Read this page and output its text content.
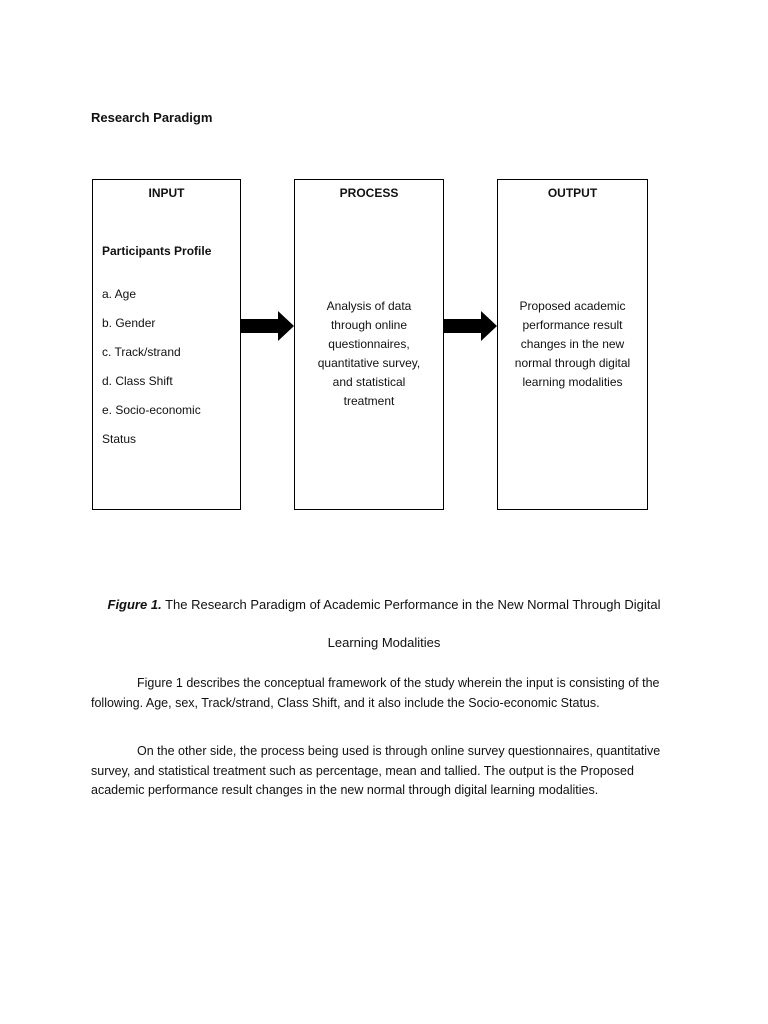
Research Paradigm
INPUT
Participants Profile
a. Age
b. Gender
c. Track/strand
d. Class Shift
e. Socio-economic
Status
PROCESS
Analysis of data
through online
questionnaires,
quantitative survey,
and statistical
treatment
OUTPUT
Proposed academic
performance result
changes in the new
normal through digital
learning modalities
Figure 1. The Research Paradigm of Academic Performance in the New Normal Through Digital
Learning Modalities

Figure 1 describes the conceptual framework of the study wherein the input is consisting of the following. Age, sex, Track/strand, Class Shift, and it also include the Socio-economic Status.

On the other side, the process being used is through online survey questionnaires, quantitative survey, and statistical treatment such as percentage, mean and tallied. The output is the Proposed academic performance result changes in the new normal through digital learning modalities.
